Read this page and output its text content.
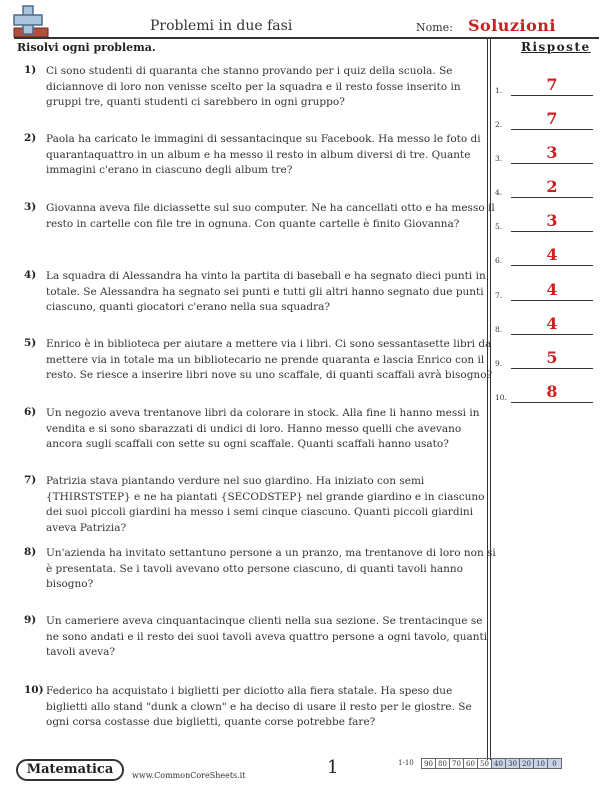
Problemi in due fasi	Nome: Soluzioni
Risolvi ogni problema.	Risposte
1) Ci sono studenti di quaranta che stanno provando per i quiz della scuola. Se diciannove di loro non venisse scelto per la squadra e il resto fosse inserito in gruppi tre, quanti studenti ci sarebbero in ogni gruppo?
2) Paola ha caricato le immagini di sessantacinque su Facebook. Ha messo le foto di quarantaquattro in un album e ha messo il resto in album diversi di tre. Quante immagini c'erano in ciascuno degli album tre?
3) Giovanna aveva file diciassette sul suo computer. Ne ha cancellati otto e ha messo il resto in cartelle con file tre in ognuna. Con quante cartelle è finito Giovanna?
4) La squadra di Alessandra ha vinto la partita di baseball e ha segnato dieci punti in totale. Se Alessandra ha segnato sei punti e tutti gli altri hanno segnato due punti ciascuno, quanti giocatori c'erano nella sua squadra?
5) Enrico è in biblioteca per aiutare a mettere via i libri. Ci sono sessantasette libri da mettere via in totale ma un bibliotecario ne prende quaranta e lascia Enrico con il resto. Se riesce a inserire libri nove su uno scaffale, di quanti scaffali avrà bisogno?
6) Un negozio aveva trentanove libri da colorare in stock. Alla fine li hanno messi in vendita e si sono sbarazzati di undici di loro. Hanno messo quelli che avevano ancora sugli scaffali con sette su ogni scaffale. Quanti scaffali hanno usato?
7) Patrizia stava piantando verdure nel suo giardino. Ha iniziato con semi {THIRSTSTEP} e ne ha piantati {SECODSTEP} nel grande giardino e in ciascuno dei suoi piccoli giardini ha messo i semi cinque ciascuno. Quanti piccoli giardini aveva Patrizia?
8) Un'azienda ha invitato settantuno persone a un pranzo, ma trentanove di loro non si è presentata. Se i tavoli avevano otto persone ciascuno, di quanti tavoli hanno bisogno?
9) Un cameriere aveva cinquantacinque clienti nella sua sezione. Se trentacinque se ne sono andati e il resto dei suoi tavoli aveva quattro persone a ogni tavolo, quanti tavoli aveva?
10) Federico ha acquistato i biglietti per diciotto alla fiera statale. Ha speso due biglietti allo stand "dunk a clown" e ha deciso di usare il resto per le giostre. Se ogni corsa costasse due biglietti, quante corse potrebbe fare?
1.	7
2.	7
3.	3
4.	2
5.	3
6.	4
7.	4
8.	4
9.	5
10.	8
Matematica	www.CommonCoreSheets.it	1	1-10	90 80 70 60 50 40 30 20 10	0
